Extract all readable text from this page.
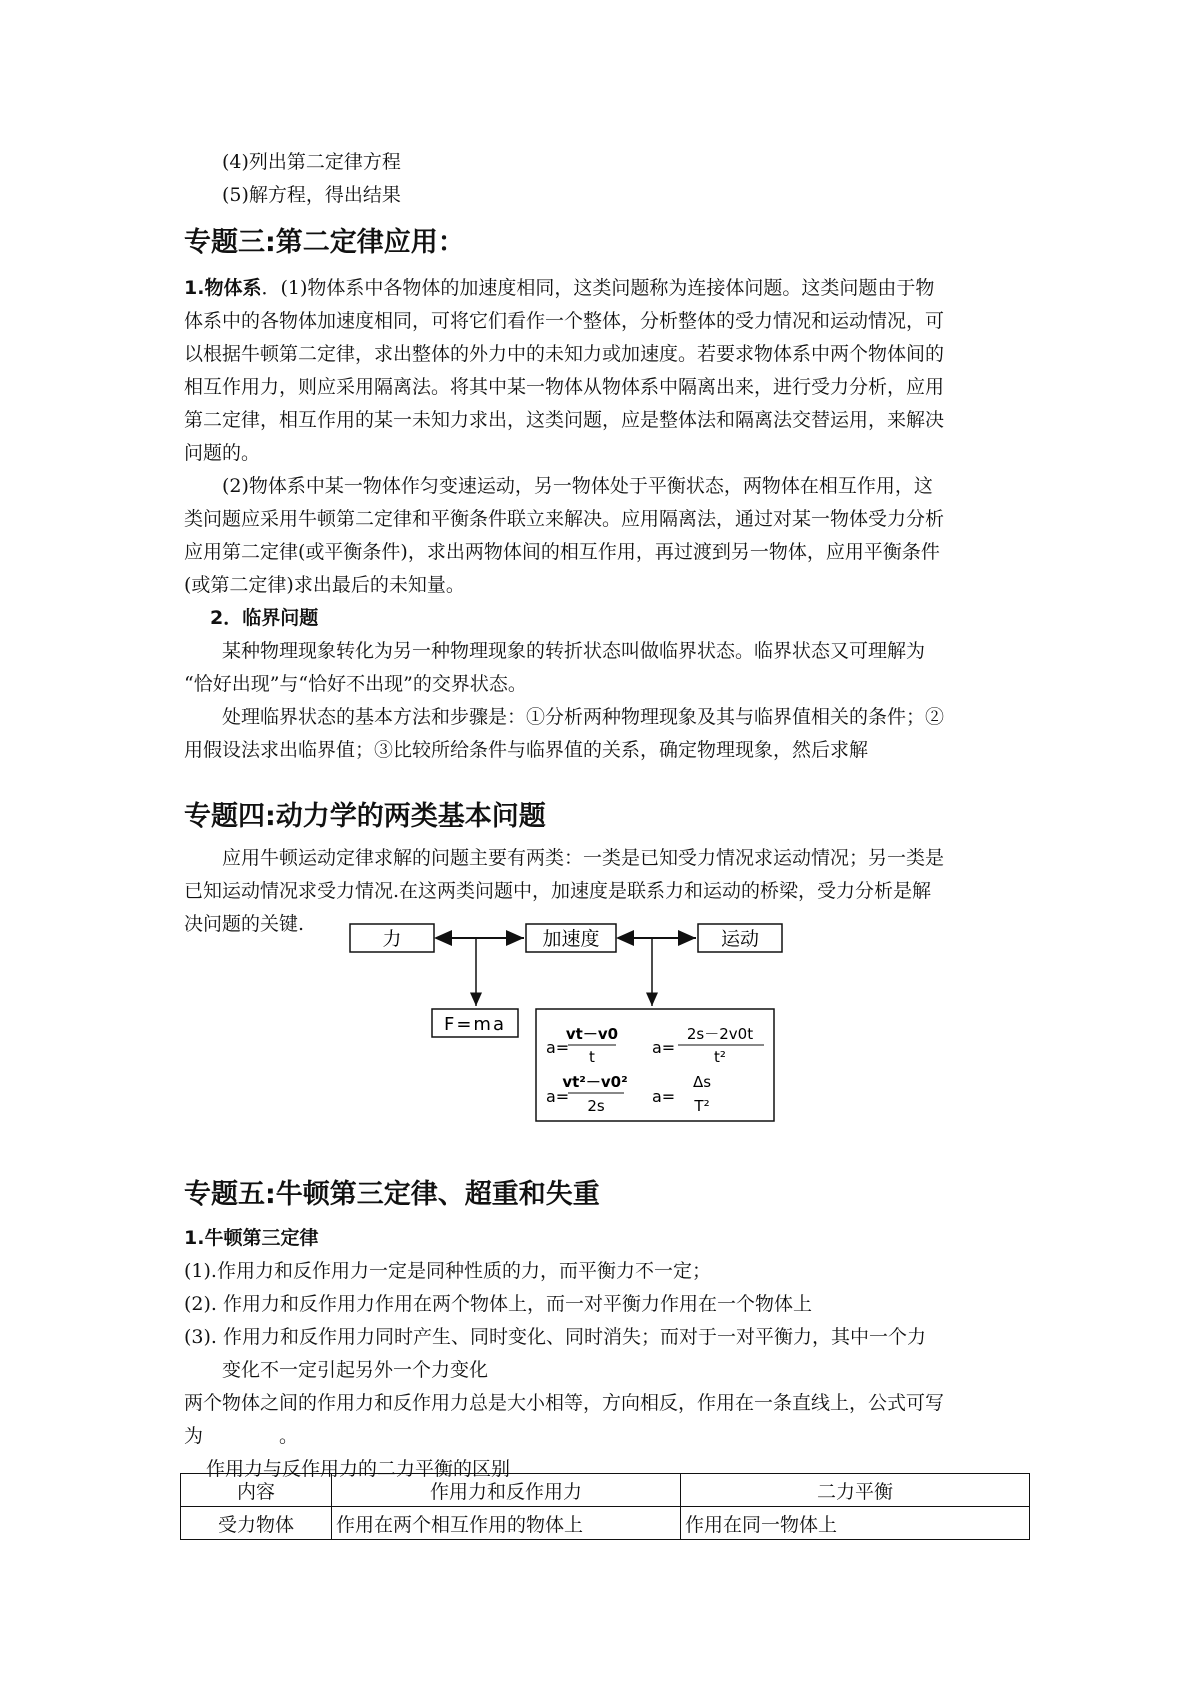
(4)列出第二定律方程

(5)解方程，得出结果

专题三:第二定律应用：

1.物体系．(1)物体系中各物体的加速度相同，这类问题称为连接体问题。这类问题由于物

体系中的各物体加速度相同，可将它们看作一个整体，分析整体的受力情况和运动情况，可

以根据牛顿第二定律，求出整体的外力中的未知力或加速度。若要求物体系中两个物体间的

相互作用力，则应采用隔离法。将其中某一物体从物体系中隔离出来，进行受力分析，应用

第二定律，相互作用的某一未知力求出，这类问题，应是整体法和隔离法交替运用，来解决

问题的。

(2)物体系中某一物体作匀变速运动，另一物体处于平衡状态，两物体在相互作用，这

类问题应采用牛顿第二定律和平衡条件联立来解决。应用隔离法，通过对某一物体受力分析

应用第二定律(或平衡条件)，求出两物体间的相互作用，再过渡到另一物体，应用平衡条件

(或第二定律)求出最后的未知量。

2．临界问题

某种物理现象转化为另一种物理现象的转折状态叫做临界状态。临界状态又可理解为

“恰好出现”与“恰好不出现”的交界状态。

处理临界状态的基本方法和步骤是：①分析两种物理现象及其与临界值相关的条件；②

用假设法求出临界值；③比较所给条件与临界值的关系，确定物理现象，然后求解

专题四:动力学的两类基本问题

应用牛顿运动定律求解的问题主要有两类：一类是已知受力情况求运动情况；另一类是

已知运动情况求受力情况.在这两类问题中，加速度是联系力和运动的桥梁，受力分析是解

决问题的关键.

专题五:牛顿第三定律、超重和失重

1.牛顿第三定律

(1).作用力和反作用力一定是同种性质的力，而平衡力不一定；

(2). 作用力和反作用力作用在两个物体上，而一对平衡力作用在一个物体上

(3). 作用力和反作用力同时产生、同时变化、同时消失；而对于一对平衡力，其中一个力

变化不一定引起另外一个力变化

两个物体之间的作用力和反作用力总是大小相等，方向相反，作用在一条直线上，公式可写

为　　　　。

作用力与反作用力的二力平衡的区别

力	加速度	运动
F=ma
a=
vt－v0
t	a=
2s－2v0t
t²
a=
vt²－v0²
2s	a=
Δs
T²
内容	作用力和反作用力	二力平衡
受力物体	作用在两个相互作用的物体上	作用在同一物体上
